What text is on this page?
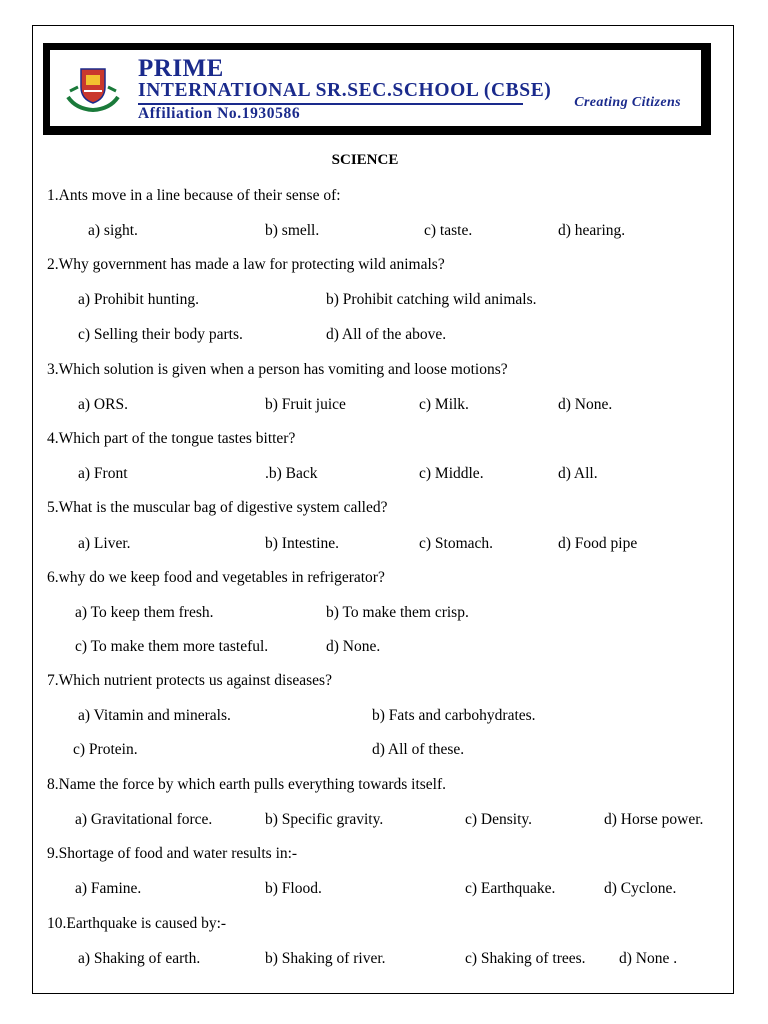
PRIME
INTERNATIONAL SR.SEC.SCHOOL (CBSE)
Affiliation No.1930586
Creating Citizens
SCIENCE
1.Ants move in a line because of their sense of:
a) sight.	b) smell.	c) taste.	d) hearing.
2.Why government has made a law for protecting wild animals?
a) Prohibit hunting.	b) Prohibit catching wild animals.
c) Selling their body parts.	d) All of the above.
3.Which solution is given when a person has vomiting and loose motions?
a) ORS.	b) Fruit juice	c) Milk.	d) None.
4.Which part of the tongue tastes bitter?
a) Front	.b) Back	c) Middle.	d) All.
5.What is the muscular bag of digestive system called?
a) Liver.	b) Intestine.	c) Stomach.	d) Food pipe
6.why do we keep food and vegetables in refrigerator?
a) To keep them fresh.	b) To make them crisp.
c) To make them more tasteful.	d) None.
7.Which nutrient protects us against diseases?
a) Vitamin and minerals.	b) Fats and carbohydrates.
c) Protein.	d) All of these.
8.Name the force by which earth pulls everything towards itself.
a) Gravitational force.	b) Specific gravity.	c) Density.	d) Horse power.
9.Shortage of food and water results in:-
a) Famine.	b) Flood.	c) Earthquake.	d) Cyclone.
10.Earthquake is caused by:-
a) Shaking of earth.	b) Shaking of river.	c) Shaking of trees. d) None .
